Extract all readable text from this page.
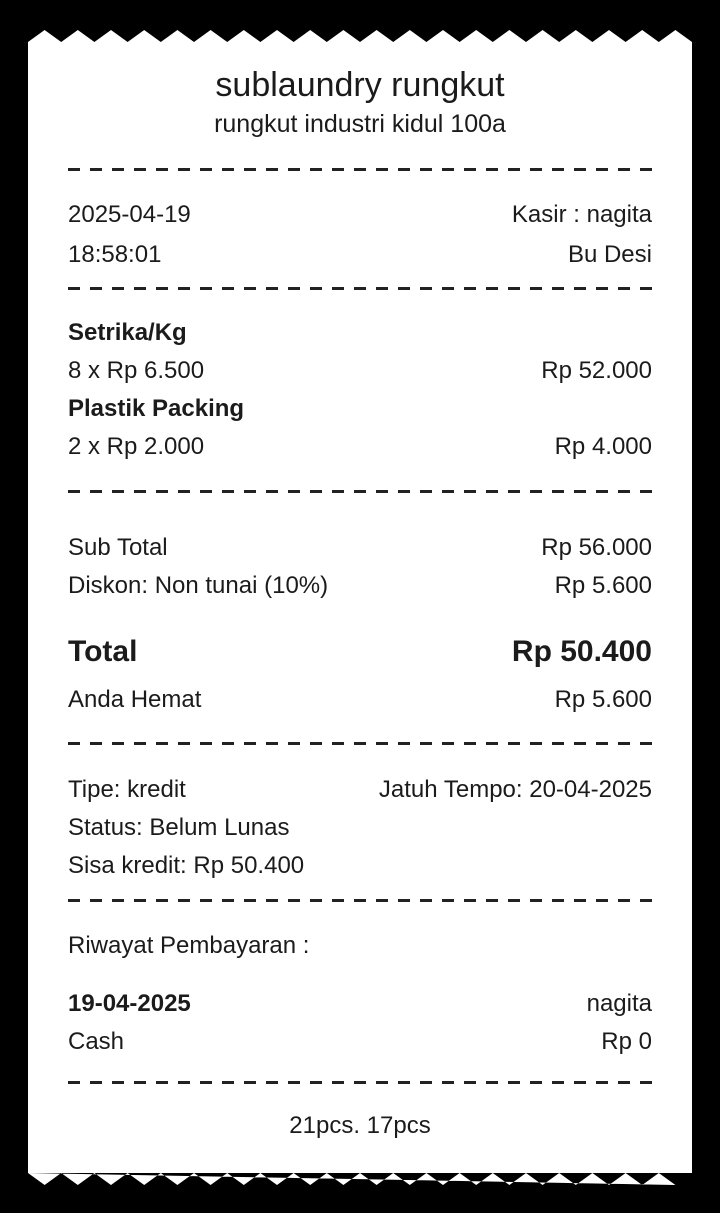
sublaundry rungkut
rungkut industri kidul 100a
2025-04-19	Kasir : nagita
18:58:01	Bu Desi
Setrika/Kg
8 x Rp 6.500	Rp 52.000
Plastik Packing
2 x Rp 2.000	Rp 4.000
Sub Total	Rp 56.000
Diskon: Non tunai (10%)	Rp 5.600
Total	Rp 50.400
Anda Hemat	Rp 5.600
Tipe: kredit	Jatuh Tempo: 20-04-2025
Status: Belum Lunas
Sisa kredit: Rp 50.400
Riwayat Pembayaran :
19-04-2025	nagita
Cash	Rp 0
21pcs. 17pcs
